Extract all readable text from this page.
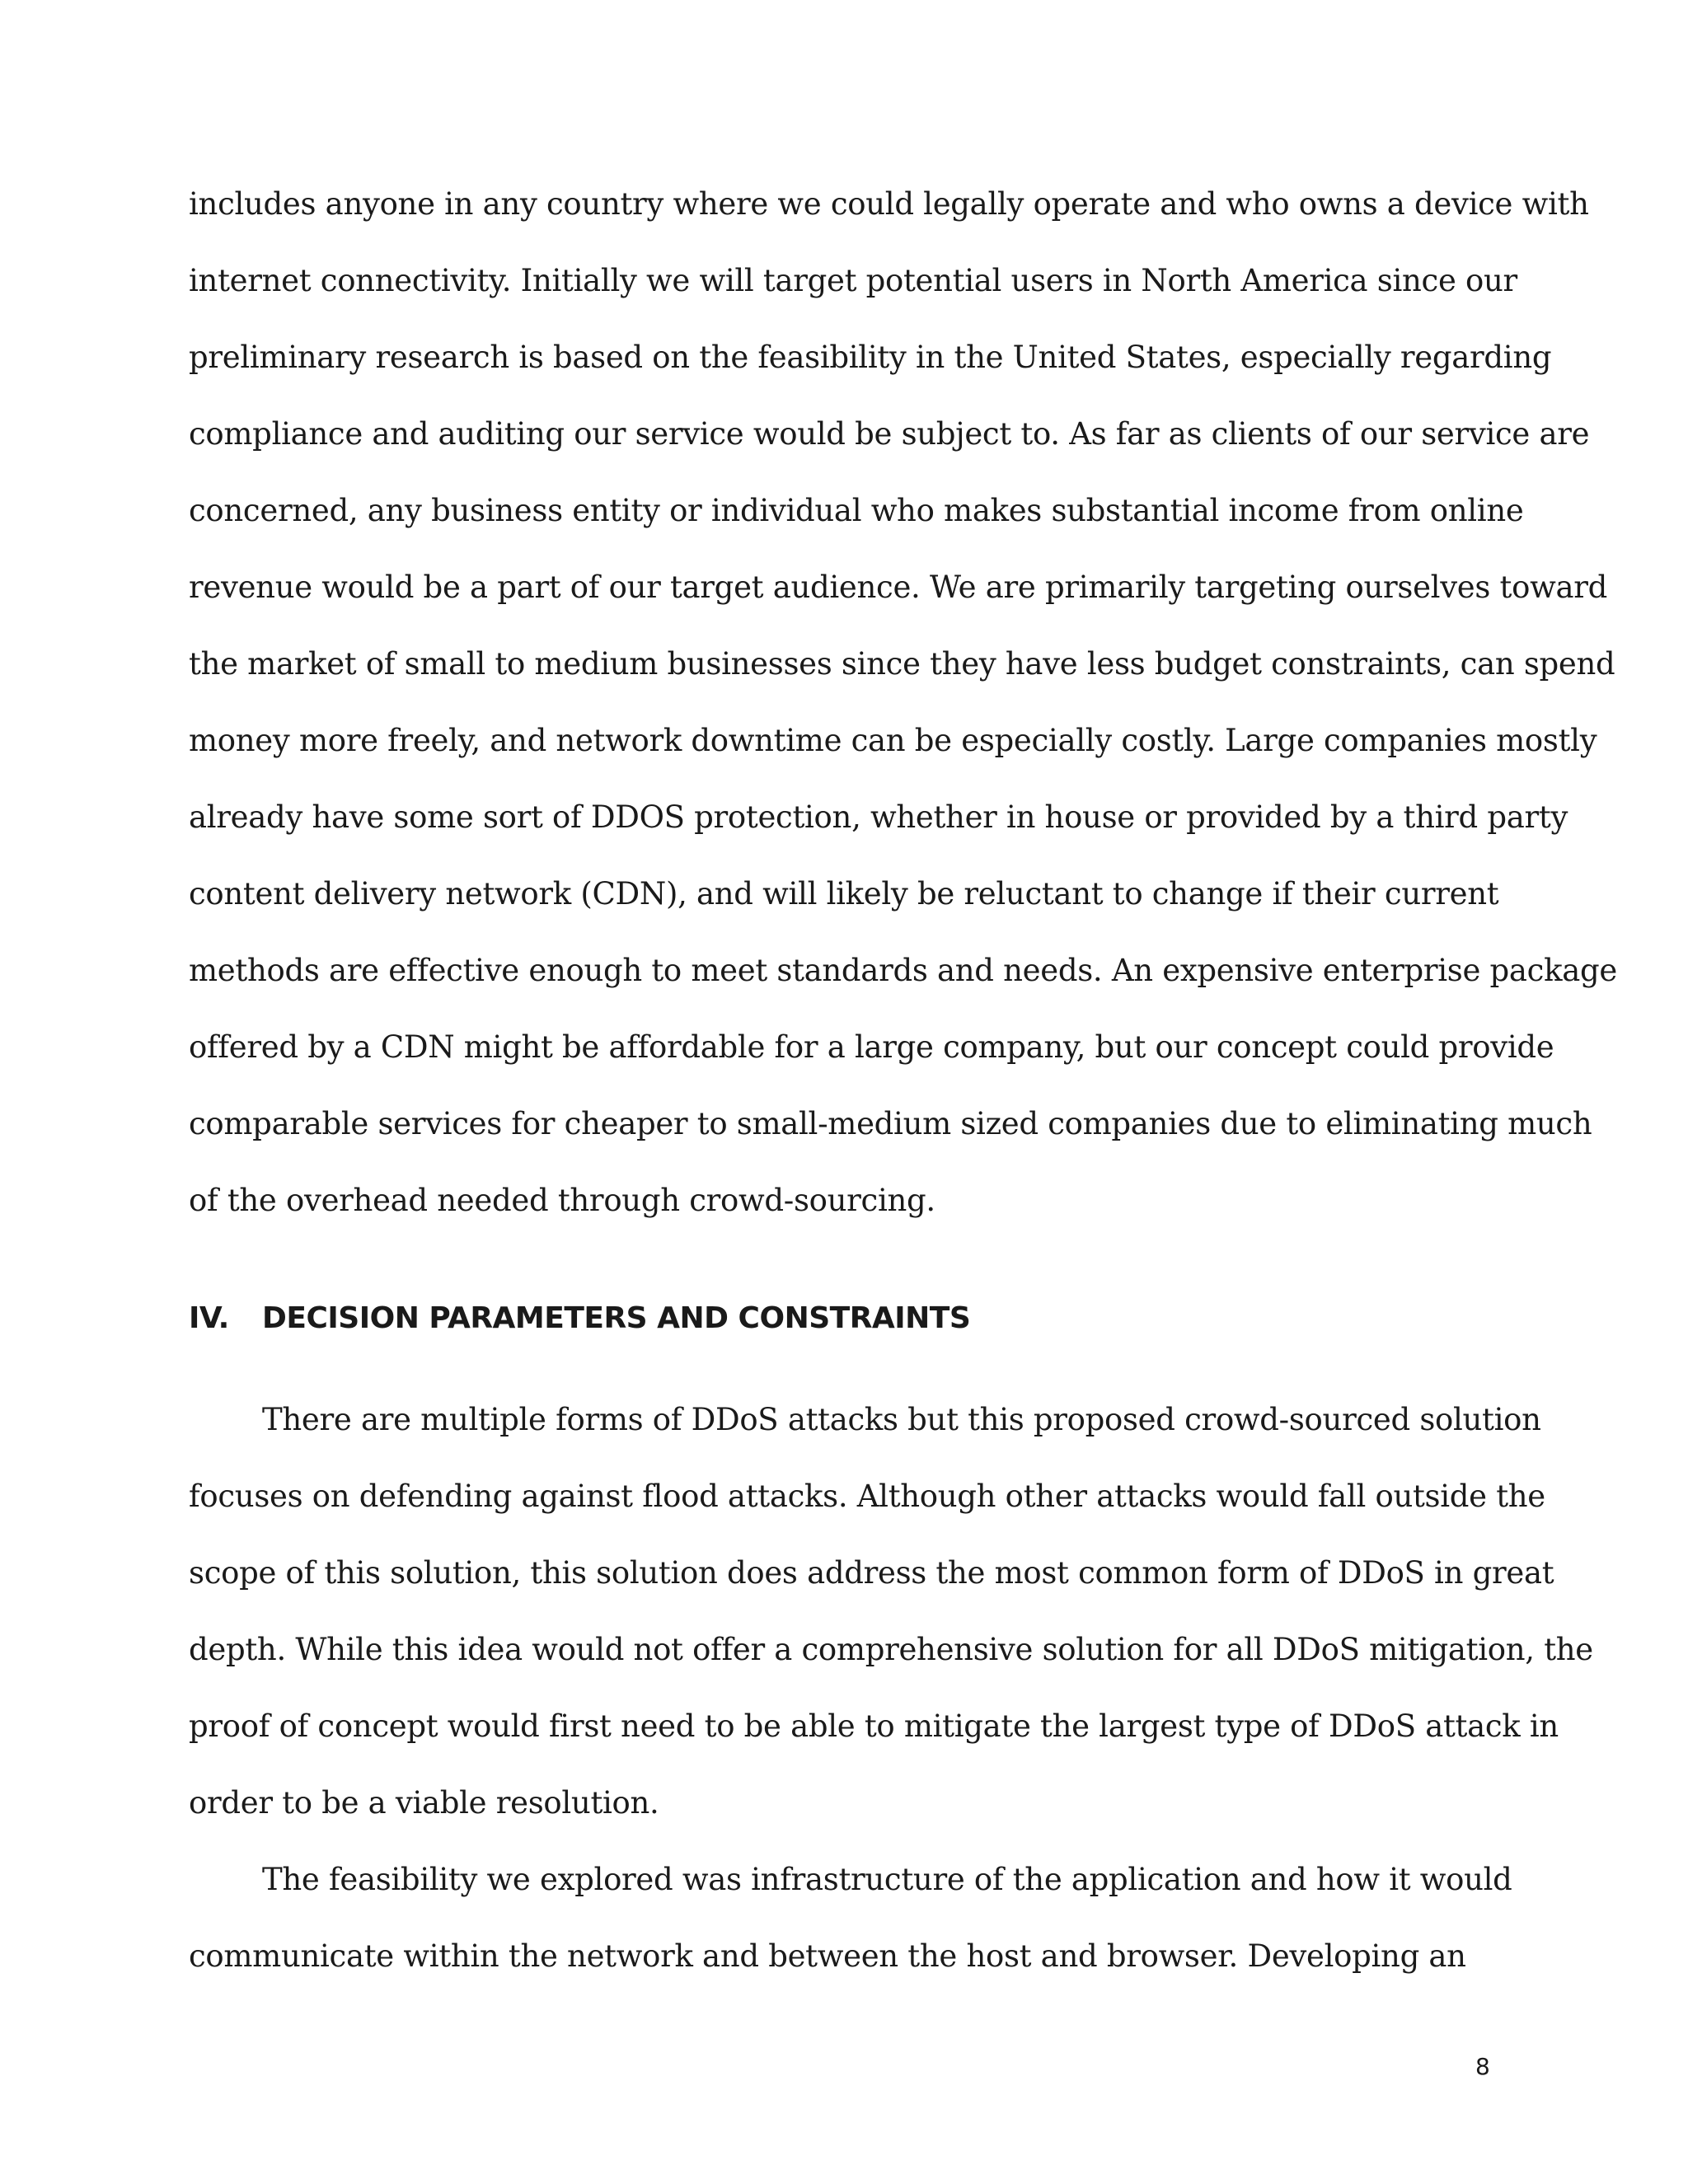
includes anyone in any country where we could legally operate and who owns a device with
internet connectivity. Initially we will target potential users in North America since our
preliminary research is based on the feasibility in the United States, especially regarding
compliance and auditing our service would be subject to. As far as clients of our service are
concerned, any business entity or individual who makes substantial income from online
revenue would be a part of our target audience. We are primarily targeting ourselves toward
the market of small to medium businesses since they have less budget constraints, can spend
money more freely, and network downtime can be especially costly. Large companies mostly
already have some sort of DDOS protection, whether in house or provided by a third party
content delivery network (CDN), and will likely be reluctant to change if their current
methods are effective enough to meet standards and needs. An expensive enterprise package
offered by a CDN might be affordable for a large company, but our concept could provide
comparable services for cheaper to small-medium sized companies due to eliminating much
of the overhead needed through crowd-sourcing.
IV. DECISION PARAMETERS AND CONSTRAINTS
There are multiple forms of DDoS attacks but this proposed crowd-sourced solution
focuses on defending against flood attacks. Although other attacks would fall outside the
scope of this solution, this solution does address the most common form of DDoS in great
depth. While this idea would not offer a comprehensive solution for all DDoS mitigation, the
proof of concept would first need to be able to mitigate the largest type of DDoS attack in
order to be a viable resolution.
The feasibility we explored was infrastructure of the application and how it would
communicate within the network and between the host and browser. Developing an
8
